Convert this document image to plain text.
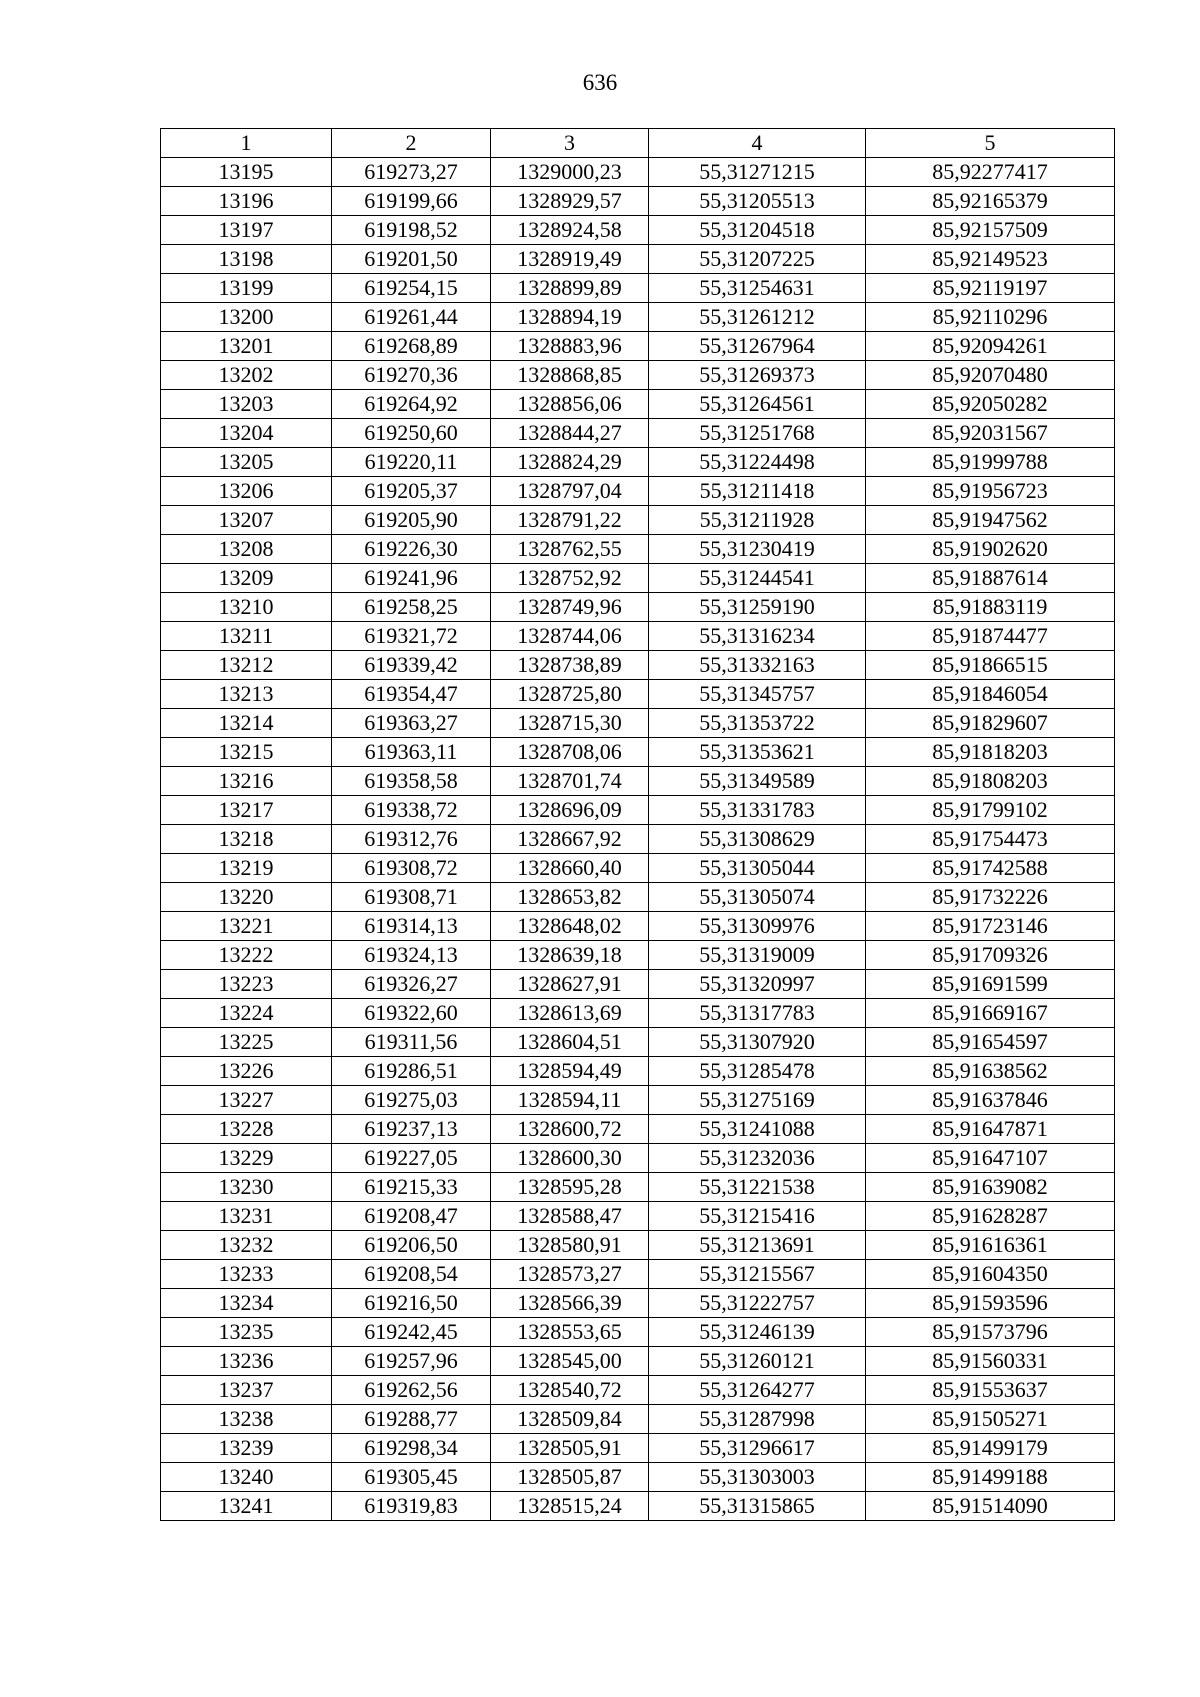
636
1	2	3	4	5
13195	619273,27	1329000,23	55,31271215	85,92277417
13196	619199,66	1328929,57	55,31205513	85,92165379
13197	619198,52	1328924,58	55,31204518	85,92157509
13198	619201,50	1328919,49	55,31207225	85,92149523
13199	619254,15	1328899,89	55,31254631	85,92119197
13200	619261,44	1328894,19	55,31261212	85,92110296
13201	619268,89	1328883,96	55,31267964	85,92094261
13202	619270,36	1328868,85	55,31269373	85,92070480
13203	619264,92	1328856,06	55,31264561	85,92050282
13204	619250,60	1328844,27	55,31251768	85,92031567
13205	619220,11	1328824,29	55,31224498	85,91999788
13206	619205,37	1328797,04	55,31211418	85,91956723
13207	619205,90	1328791,22	55,31211928	85,91947562
13208	619226,30	1328762,55	55,31230419	85,91902620
13209	619241,96	1328752,92	55,31244541	85,91887614
13210	619258,25	1328749,96	55,31259190	85,91883119
13211	619321,72	1328744,06	55,31316234	85,91874477
13212	619339,42	1328738,89	55,31332163	85,91866515
13213	619354,47	1328725,80	55,31345757	85,91846054
13214	619363,27	1328715,30	55,31353722	85,91829607
13215	619363,11	1328708,06	55,31353621	85,91818203
13216	619358,58	1328701,74	55,31349589	85,91808203
13217	619338,72	1328696,09	55,31331783	85,91799102
13218	619312,76	1328667,92	55,31308629	85,91754473
13219	619308,72	1328660,40	55,31305044	85,91742588
13220	619308,71	1328653,82	55,31305074	85,91732226
13221	619314,13	1328648,02	55,31309976	85,91723146
13222	619324,13	1328639,18	55,31319009	85,91709326
13223	619326,27	1328627,91	55,31320997	85,91691599
13224	619322,60	1328613,69	55,31317783	85,91669167
13225	619311,56	1328604,51	55,31307920	85,91654597
13226	619286,51	1328594,49	55,31285478	85,91638562
13227	619275,03	1328594,11	55,31275169	85,91637846
13228	619237,13	1328600,72	55,31241088	85,91647871
13229	619227,05	1328600,30	55,31232036	85,91647107
13230	619215,33	1328595,28	55,31221538	85,91639082
13231	619208,47	1328588,47	55,31215416	85,91628287
13232	619206,50	1328580,91	55,31213691	85,91616361
13233	619208,54	1328573,27	55,31215567	85,91604350
13234	619216,50	1328566,39	55,31222757	85,91593596
13235	619242,45	1328553,65	55,31246139	85,91573796
13236	619257,96	1328545,00	55,31260121	85,91560331
13237	619262,56	1328540,72	55,31264277	85,91553637
13238	619288,77	1328509,84	55,31287998	85,91505271
13239	619298,34	1328505,91	55,31296617	85,91499179
13240	619305,45	1328505,87	55,31303003	85,91499188
13241	619319,83	1328515,24	55,31315865	85,91514090
